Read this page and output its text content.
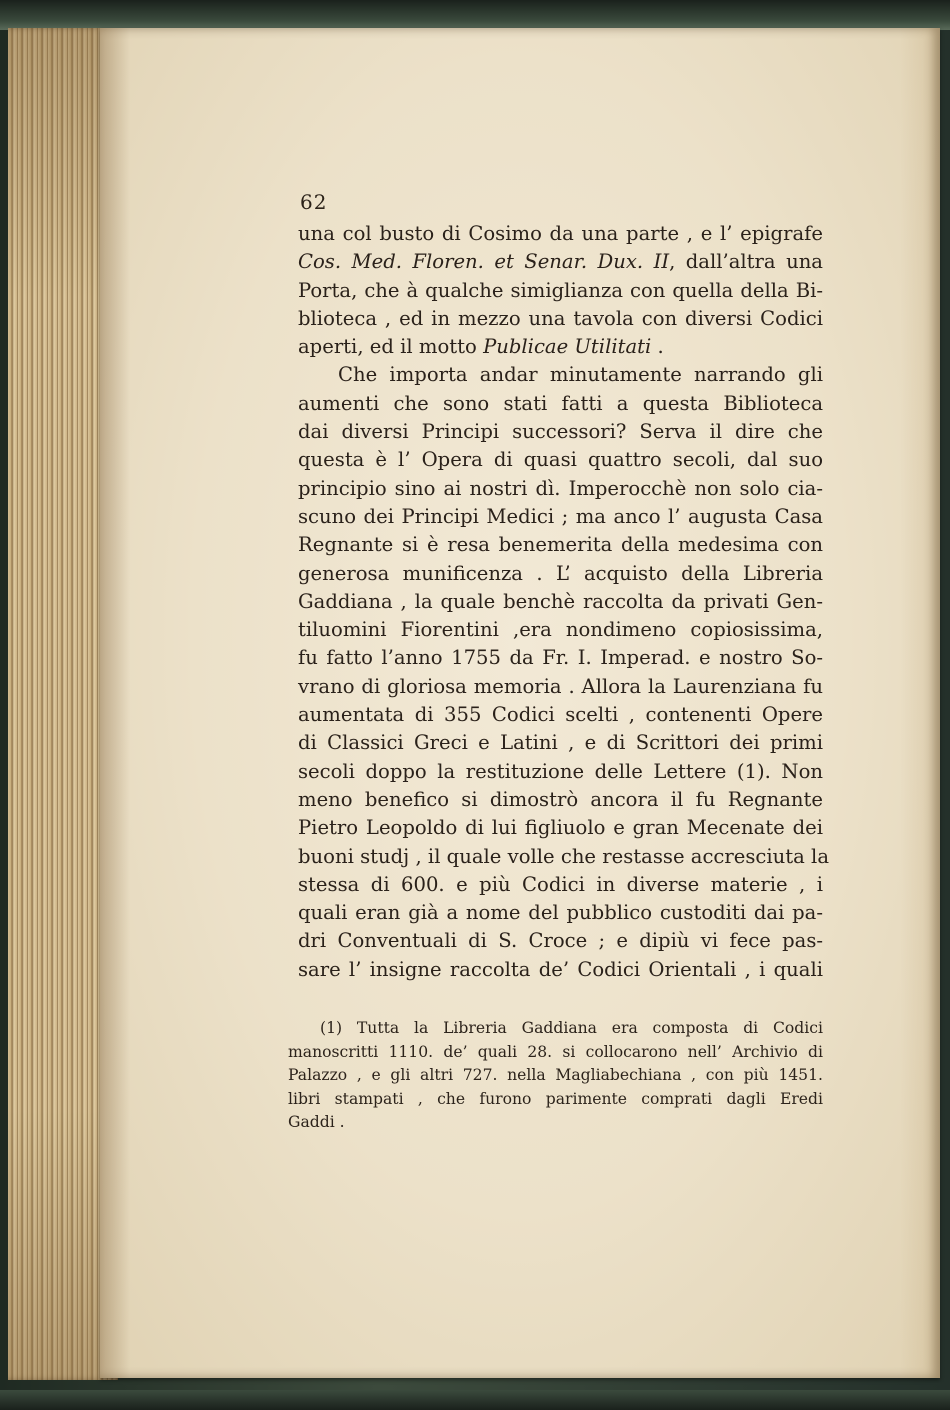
62
una col busto di Cosimo da una parte , e l’ epigrafe
Cos. Med. Floren. et Senar. Dux. II, dall’altra una
Porta, che à qualche simiglianza con quella della Bi-
blioteca , ed in mezzo una tavola con diversi Codici
aperti, ed il motto Publicae Utilitati .
Che importa andar minutamente narrando gli
aumenti che sono stati fatti a questa Biblioteca
dai diversi Principi successori? Serva il dire che
questa è l’ Opera di quasi quattro secoli, dal suo
principio sino ai nostri dì. Imperocchè non solo cia-
scuno dei Principi Medici ; ma anco l’ augusta Casa
Regnante si è resa benemerita della medesima con
generosa munificenza . L’ acquisto della Libreria
Gaddiana , la quale benchè raccolta da privati Gen-
tiluomini Fiorentini ,era nondimeno copiosissima,
fu fatto l’anno 1755 da Fr. I. Imperad. e nostro So-
vrano di gloriosa memoria . Allora la Laurenziana fu
aumentata di 355 Codici scelti , contenenti Opere
di Classici Greci e Latini , e di Scrittori dei primi
secoli doppo la restituzione delle Lettere (1). Non
meno benefico si dimostrò ancora il fu Regnante
Pietro Leopoldo di lui figliuolo e gran Mecenate dei
buoni studj , il quale volle che restasse accresciuta la
stessa di 600. e più Codici in diverse materie , i
quali eran già a nome del pubblico custoditi dai pa-
dri Conventuali di S. Croce ; e dipiù vi fece pas-
sare l’ insigne raccolta de’ Codici Orientali , i quali
(1) Tutta la Libreria Gaddiana era composta di Codici
manoscritti 1110. de’ quali 28. si collocarono nell’ Archivio di
Palazzo , e gli altri 727. nella Magliabechiana , con più 1451.
libri stampati , che furono parimente comprati dagli Eredi
Gaddi .
